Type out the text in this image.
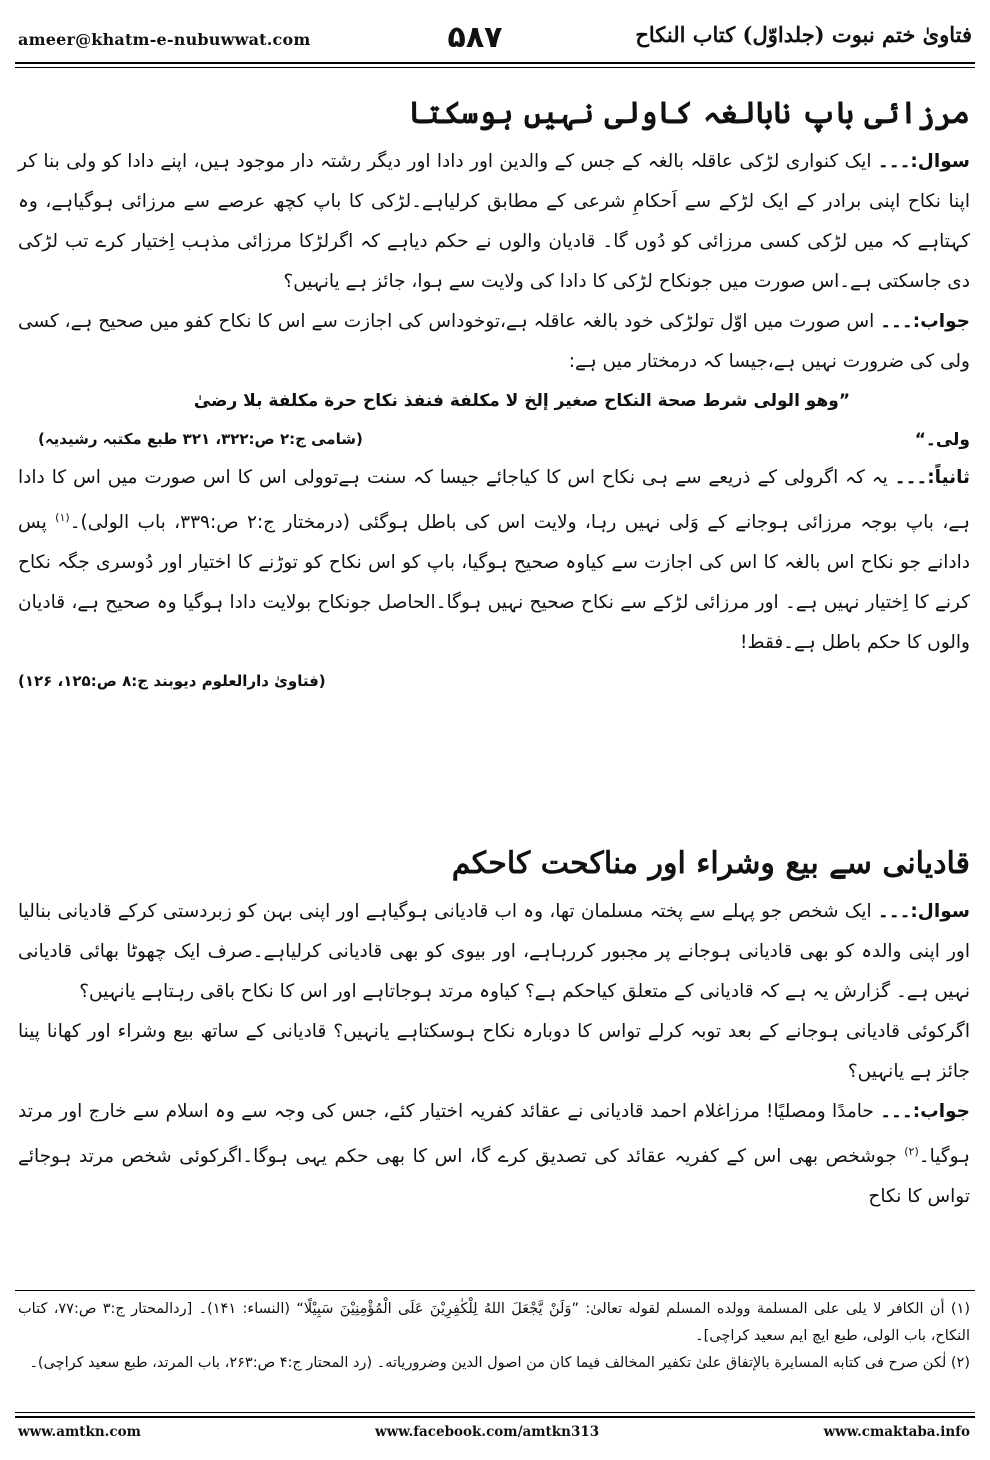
ameer@khatm-e-nubuwwat.com	۵۸۷	فتاویٰ ختم نبوت (جلداوّل) کتاب النکاح
مرزائی باپ نابالغہ کاولی نہیں ہوسکتا

سوال:۔۔۔ ایک کنواری لڑکی عاقلہ بالغہ کے جس کے والدین اور دادا اور دیگر رشتہ دار موجود ہیں، اپنے دادا کو ولی بنا کر اپنا نکاح اپنی برادر کے ایک لڑکے سے اَحکامِ شرعی کے مطابق کرلیاہے۔لڑکی کا باپ کچھ عرصے سے مرزائی ہوگیاہے، وہ کہتاہے کہ میں لڑکی کسی مرزائی کو دُوں گا۔ قادیان والوں نے حکم دیاہے کہ اگرلڑکا مرزائی مذہب اِختیار کرے تب لڑکی دی جاسکتی ہے۔اس صورت میں جونکاح لڑکی کا دادا کی ولایت سے ہوا، جائز ہے یانہیں؟

جواب:۔۔۔ اس صورت میں اوّل تولڑکی خود بالغہ عاقلہ ہے،توخوداس کی اجازت سے اس کا نکاح کفو میں صحیح ہے، کسی ولی کی ضرورت نہیں ہے،جیسا کہ درمختار میں ہے:

”وھو الولی شرط صحة النکاح صغیر إلخ لا مکلفة فنفذ نکاح حرة مکلفة بلا رضیٰ

ولی۔“
(شامی ج:۲ ص:۳۲۲، ۳۲۱ طبع مکتبہ رشیدیہ)

ثانیاً:۔۔۔ یہ کہ اگرولی کے ذریعے سے ہی نکاح اس کا کیاجائے جیسا کہ سنت ہےتوولی اس کا اس صورت میں اس کا دادا ہے، باپ بوجہ مرزائی ہوجانے کے وَلی نہیں رہا، ولایت اس کی باطل ہوگئی (درمختار ج:۲ ص:۳۳۹، باب الولی)۔$^{(۱)}$ پس دادانے جو نکاح اس بالغہ کا اس کی اجازت سے کیاوہ صحیح ہوگیا، باپ کو اس نکاح کو توڑنے کا اختیار اور دُوسری جگہ نکاح کرنے کا اِختیار نہیں ہے۔ اور مرزائی لڑکے سے نکاح صحیح نہیں ہوگا۔الحاصل جونکاح بولایت دادا ہوگیا وہ صحیح ہے، قادیان والوں کا حکم باطل ہے۔فقط!

(فتاویٰ دارالعلوم دیوبند ج:۸ ص:۱۲۵، ۱۲۶)
قادیانی سے بیع وشراء اور مناکحت کاحکم

سوال:۔۔۔ ایک شخص جو پہلے سے پختہ مسلمان تھا، وہ اب قادیانی ہوگیاہے اور اپنی بہن کو زبردستی کرکے قادیانی بنالیا اور اپنی والدہ کو بھی قادیانی ہوجانے پر مجبور کررہاہے، اور بیوی کو بھی قادیانی کرلیاہے۔صرف ایک چھوٹا بھائی قادیانی نہیں ہے۔ گزارش یہ ہے کہ قادیانی کے متعلق کیاحکم ہے؟ کیاوہ مرتد ہوجاتاہے اور اس کا نکاح باقی رہتاہے یانہیں؟

اگرکوئی قادیانی ہوجانے کے بعد توبہ کرلے تواس کا دوبارہ نکاح ہوسکتاہے یانہیں؟ قادیانی کے ساتھ بیع وشراء اور کھانا پینا جائز ہے یانہیں؟

جواب:۔۔۔ حامدًا ومصلیًا! مرزاغلام احمد قادیانی نے عقائد کفریہ اختیار کئے، جس کی وجہ سے وہ اسلام سے خارج اور مرتد ہوگیا۔$^{(۲)}$ جوشخص بھی اس کے کفریہ عقائد کی تصدیق کرے گا، اس کا بھی حکم یہی ہوگا۔اگرکوئی شخص مرتد ہوجائے تواس کا نکاح

(۱) أن الکافر لا یلی علی المسلمة وولده المسلم لقوله تعالیٰ: ”وَلَنْ یَّجْعَلَ اللهُ لِلْکٰفِرِیْنَ عَلَی الْمُؤْمِنِیْنَ سَبِیْلًا“ (النساء: ۱۴۱)۔ [ردالمحتار ج:۳ ص:۷۷، کتاب النکاح، باب الولی، طبع ایچ ایم سعید کراچی]۔
(۲) لٰکن صرح فی کتابه المسایرة بالإتفاق علیٰ تکفیر المخالف فیما کان من اصول الدین وضروریاته۔ (رد المحتار ج:۴ ص:۲۶۳، باب المرتد، طبع سعید کراچی)۔
www.amtkn.com	www.facebook.com/amtkn313	www.cmaktaba.info
